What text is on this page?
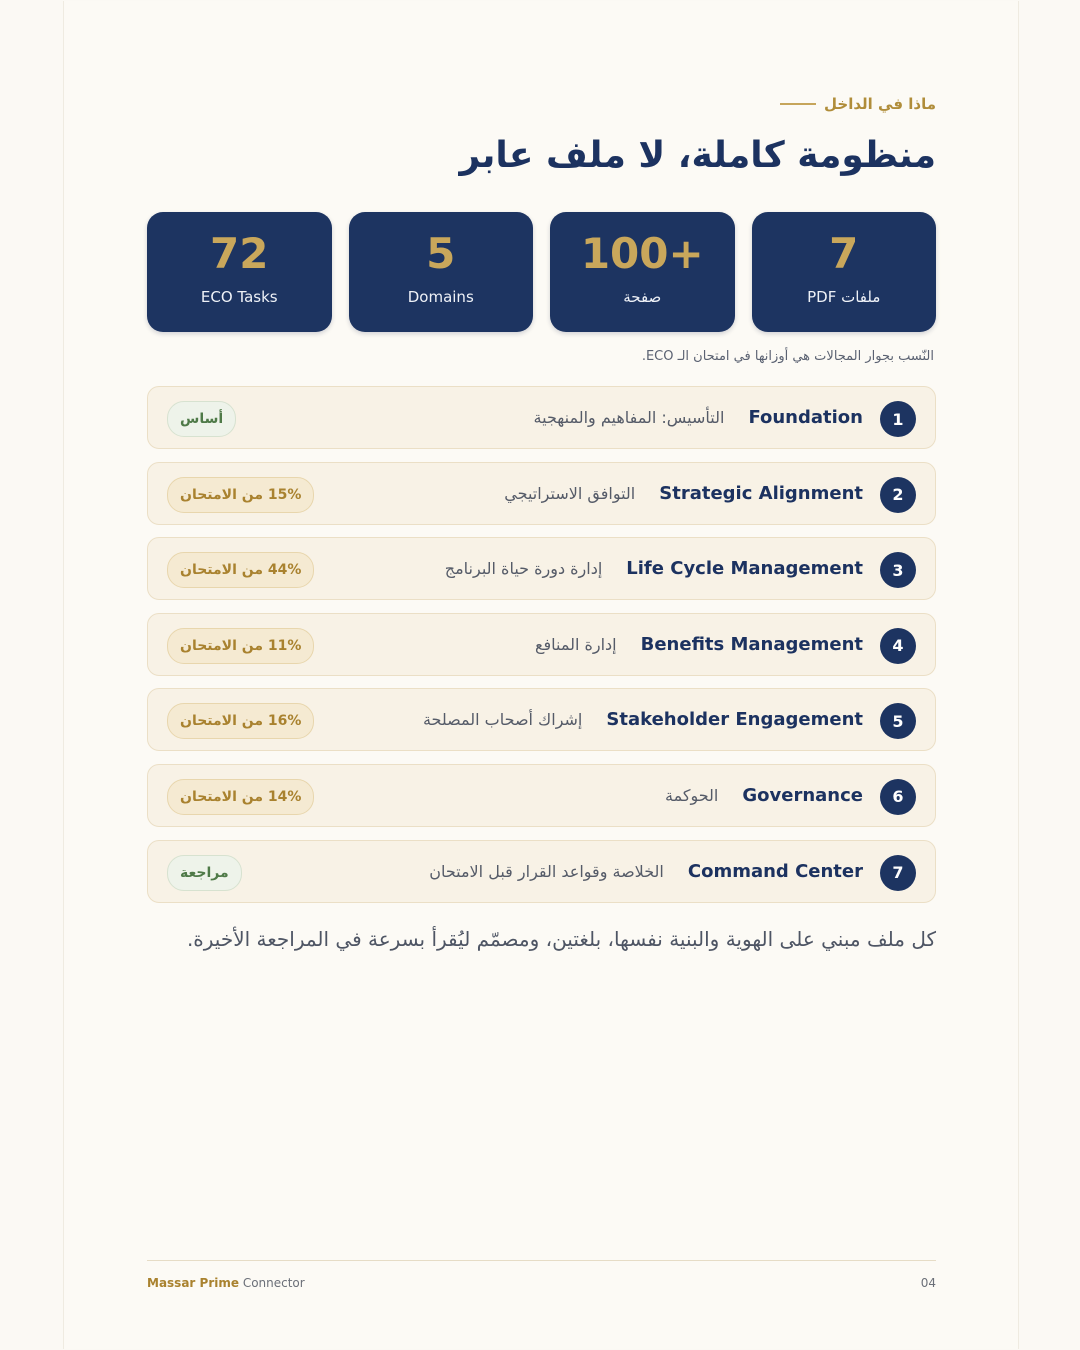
ماذا في الداخل
منظومة كاملة، لا ملف عابر
72
ECO Tasks
5
Domains
+100
صفحة
7
ملفات PDF
النّسب بجوار المجالات هي أوزانها في امتحان الـ ECO.
1
Foundation
التأسيس: المفاهيم والمنهجية
أساس
2
Strategic Alignment
التوافق الاستراتيجي
15% من الامتحان
3
Life Cycle Management
إدارة دورة حياة البرنامج
44% من الامتحان
4
Benefits Management
إدارة المنافع
11% من الامتحان
5
Stakeholder Engagement
إشراك أصحاب المصلحة
16% من الامتحان
6
Governance
الحوكمة
14% من الامتحان
7
Command Center
الخلاصة وقواعد القرار قبل الامتحان
مراجعة
كل ملف مبني على الهوية والبنية نفسها، بلغتين، ومصمّم ليُقرأ بسرعة في المراجعة الأخيرة.
Massar Prime Connector	04
